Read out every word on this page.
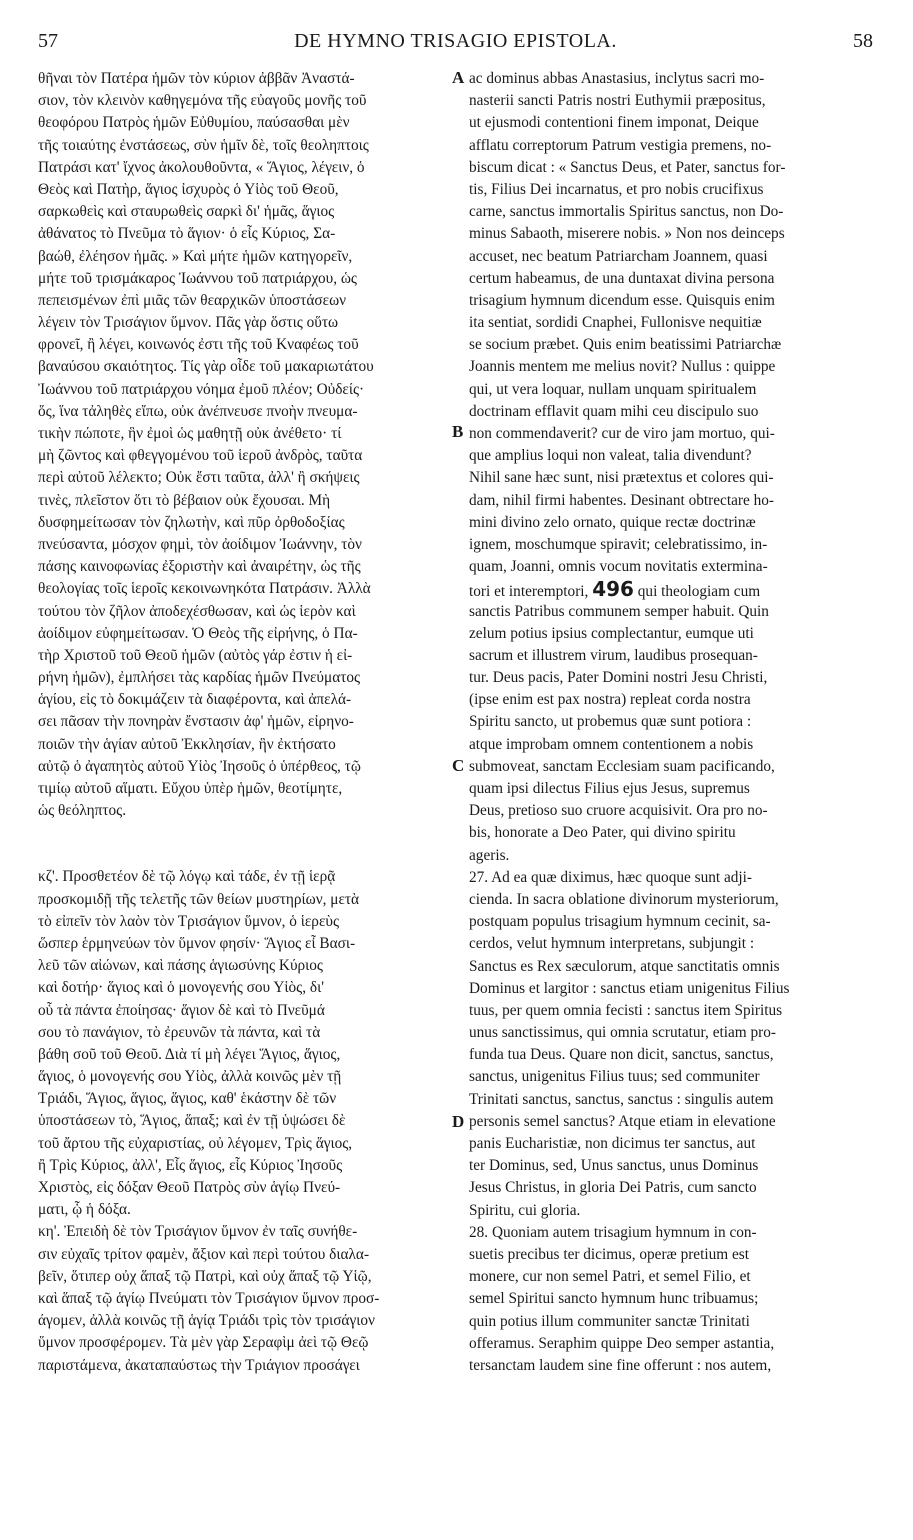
57	DE HYMNO TRISAGIO EPISTOLA.	58
θῆναι τὸν Πατέρα ἡμῶν τὸν κύριον ἀββᾶν Ἀναστά-
σιον, τὸν κλεινὸν καθηγεμόνα τῆς εὐαγοῦς μονῆς τοῦ
θεοφόρου Πατρὸς ἡμῶν Εὐθυμίου, παύσασθαι μὲν
τῆς τοιαύτης ἐνστάσεως, σὺν ἡμῖν δὲ, τοῖς θεοληπτοις
Πατράσι κατ' ἴχνος ἀκολουθοῦντα, « Ἅγιος, λέγειν, ὁ
Θεὸς καὶ Πατὴρ, ἅγιος ἰσχυρὸς ὁ Υἱὸς τοῦ Θεοῦ,
σαρκωθεὶς καὶ σταυρωθεὶς σαρκὶ δι' ἡμᾶς, ἅγιος
ἀθάνατος τὸ Πνεῦμα τὸ ἅγιον· ὁ εἷς Κύριος, Σα-
βαώθ, ἐλέησον ἡμᾶς. » Καὶ μήτε ἡμῶν κατηγορεῖν,
μήτε τοῦ τρισμάκαρος Ἰωάννου τοῦ πατριάρχου, ὡς
πεπεισμένων ἐπὶ μιᾶς τῶν θεαρχικῶν ὑποστάσεων
λέγειν τὸν Τρισάγιον ὕμνον. Πᾶς γὰρ ὅστις οὕτω
φρονεῖ, ἢ λέγει, κοινωνός ἐστι τῆς τοῦ Κναφέως τοῦ
βαναύσου σκαιότητος. Τίς γὰρ οἶδε τοῦ μακαριωτάτου
Ἰωάννου τοῦ πατριάρχου νόημα ἐμοῦ πλέον; Οὐδείς·
ὅς, ἵνα τἀληθὲς εἴπω, οὐκ ἀνέπνευσε πνοὴν πνευμα-
τικὴν πώποτε, ἣν ἐμοὶ ὡς μαθητῇ οὐκ ἀνέθετο· τί
μὴ ζῶντος καὶ φθεγγομένου τοῦ ἱεροῦ ἀνδρὸς, ταῦτα
περὶ αὐτοῦ λέλεκτο; Οὐκ ἔστι ταῦτα, ἀλλ' ἢ σκήψεις
τινὲς, πλεῖστον ὅτι τὸ βέβαιον οὐκ ἔχουσαι. Μὴ
δυσφημείτωσαν τὸν ζηλωτὴν, καὶ πῦρ ὀρθοδοξίας
πνεύσαντα, μόσχον φημὶ, τὸν ἀοίδιμον Ἰωάννην, τὸν
πάσης καινοφωνίας ἐξοριστὴν καὶ ἀναιρέτην, ὡς τῆς
θεολογίας τοῖς ἱεροῖς κεκοινωνηκότα Πατράσιν. Ἀλλὰ
τούτου τὸν ζῆλον ἀποδεχέσθωσαν, καὶ ὡς ἱερὸν καὶ
ἀοίδιμον εὐφημείτωσαν. Ὁ Θεὸς τῆς εἰρήνης, ὁ Πα-
τὴρ Χριστοῦ τοῦ Θεοῦ ἡμῶν (αὐτὸς γάρ ἐστιν ἡ εἰ-
ρήνη ἡμῶν), ἐμπλήσει τὰς καρδίας ἡμῶν Πνεύματος
ἁγίου, εἰς τὸ δοκιμάζειν τὰ διαφέροντα, καὶ ἀπελά-
σει πᾶσαν τὴν πονηρὰν ἔνστασιν ἀφ' ἡμῶν, εἰρηνο-
ποιῶν τὴν ἁγίαν αὐτοῦ Ἐκκλησίαν, ἣν ἐκτήσατο
αὐτῷ ὁ ἀγαπητὸς αὐτοῦ Υἱὸς Ἰησοῦς ὁ ὑπέρθεος, τῷ
τιμίῳ αὐτοῦ αἵματι. Εὔχου ὑπὲρ ἡμῶν, θεοτίμητε,
ὡς θεόληπτος.
κζ'. Προσθετέον δὲ τῷ λόγῳ καὶ τάδε, ἐν τῇ ἱερᾷ
προσκομιδῇ τῆς τελετῆς τῶν θείων μυστηρίων, μετὰ
τὸ εἰπεῖν τὸν λαὸν τὸν Τρισάγιον ὕμνον, ὁ ἱερεὺς
ὥσπερ ἑρμηνεύων τὸν ὕμνον φησίν· Ἅγιος εἶ Βασι-
λεῦ τῶν αἰώνων, καὶ πάσης ἁγιωσύνης Κύριος
καὶ δοτήρ· ἅγιος καὶ ὁ μονογενής σου Υἱὸς, δι'
οὗ τὰ πάντα ἐποίησας· ἅγιον δὲ καὶ τὸ Πνεῦμά
σου τὸ πανάγιον, τὸ ἐρευνῶν τὰ πάντα, καὶ τὰ
βάθη σοῦ τοῦ Θεοῦ. Διὰ τί μὴ λέγει Ἅγιος, ἅγιος,
ἅγιος, ὁ μονογενής σου Υἱὸς, ἀλλὰ κοινῶς μὲν τῇ
Τριάδι, Ἅγιος, ἅγιος, ἅγιος, καθ' ἑκάστην δὲ τῶν
ὑποστάσεων τὸ, Ἅγιος, ἅπαξ; καὶ ἐν τῇ ὑψώσει δὲ
τοῦ ἄρτου τῆς εὐχαριστίας, οὐ λέγομεν, Τρὶς ἅγιος,
ἢ Τρὶς Κύριος, ἀλλ', Εἷς ἅγιος, εἷς Κύριος Ἰησοῦς
Χριστὸς, εἰς δόξαν Θεοῦ Πατρὸς σὺν ἁγίῳ Πνεύ-
ματι, ᾧ ἡ δόξα.
κη'. Ἐπειδὴ δὲ τὸν Τρισάγιον ὕμνον ἐν ταῖς συνήθε-
σιν εὐχαῖς τρίτον φαμὲν, ἄξιον καὶ περὶ τούτου διαλα-
βεῖν, ὅτιπερ οὐχ ἅπαξ τῷ Πατρὶ, καὶ οὐχ ἅπαξ τῷ Υἱῷ,
καὶ ἅπαξ τῷ ἁγίῳ Πνεύματι τὸν Τρισάγιον ὕμνον προσ-
άγομεν, ἀλλὰ κοινῶς τῇ ἁγίᾳ Τριάδι τρὶς τὸν τρισάγιον
ὕμνον προσφέρομεν. Τὰ μὲν γὰρ Σεραφὶμ ἀεὶ τῷ Θεῷ
παριστάμενα, ἀκαταπαύστως τὴν Τριάγιον προσάγει
ac dominus abbas Anastasius, inclytus sacri mo-
nasterii sancti Patris nostri Euthymii præpositus,
ut ejusmodi contentioni finem imponat, Deique
afflatu correptorum Patrum vestigia premens, no-
biscum dicat : « Sanctus Deus, et Pater, sanctus for-
tis, Filius Dei incarnatus, et pro nobis crucifixus
carne, sanctus immortalis Spiritus sanctus, non Do-
minus Sabaoth, miserere nobis. » Non nos deinceps
accuset, nec beatum Patriarcham Joannem, quasi
certum habeamus, de una duntaxat divina persona
trisagium hymnum dicendum esse. Quisquis enim
ita sentiat, sordidi Cnaphei, Fullonisve nequitiæ
se socium præbet. Quis enim beatissimi Patriarchæ
Joannis mentem me melius novit? Nullus : quippe
qui, ut vera loquar, nullam unquam spiritualem
doctrinam efflavit quam mihi ceu discipulo suo
non commendaverit? cur de viro jam mortuo, qui-
que amplius loqui non valeat, talia divendunt?
Nihil sane hæc sunt, nisi prætextus et colores qui-
dam, nihil firmi habentes. Desinant obtrectare ho-
mini divino zelo ornato, quique rectæ doctrinæ
ignem, moschumque spiravit; celebratissimo, in-
quam, Joanni, omnis vocum novitatis extermina-
tori et interemptori, 496 qui theologiam cum
sanctis Patribus communem semper habuit. Quin
zelum potius ipsius complectantur, eumque uti
sacrum et illustrem virum, laudibus prosequan-
tur. Deus pacis, Pater Domini nostri Jesu Christi,
(ipse enim est pax nostra) repleat corda nostra
Spiritu sancto, ut probemus quæ sunt potiora :
atque improbam omnem contentionem a nobis
submoveat, sanctam Ecclesiam suam pacificando,
quam ipsi dilectus Filius ejus Jesus, supremus
Deus, pretioso suo cruore acquisivit. Ora pro no-
bis, honorate a Deo Pater, qui divino spiritu
ageris.
27. Ad ea quæ diximus, hæc quoque sunt adji-
cienda. In sacra oblatione divinorum mysteriorum,
postquam populus trisagium hymnum cecinit, sa-
cerdos, velut hymnum interpretans, subjungit :
Sanctus es Rex sæculorum, atque sanctitatis omnis
Dominus et largitor : sanctus etiam unigenitus Filius
tuus, per quem omnia fecisti : sanctus item Spiritus
unus sanctissimus, qui omnia scrutatur, etiam pro-
funda tua Deus. Quare non dicit, sanctus, sanctus,
sanctus, unigenitus Filius tuus; sed communiter
Trinitati sanctus, sanctus, sanctus : singulis autem
personis semel sanctus? Atque etiam in elevatione
panis Eucharistiæ, non dicimus ter sanctus, aut
ter Dominus, sed, Unus sanctus, unus Dominus
Jesus Christus, in gloria Dei Patris, cum sancto
Spiritu, cui gloria.
28. Quoniam autem trisagium hymnum in con-
suetis precibus ter dicimus, operæ pretium est
monere, cur non semel Patri, et semel Filio, et
semel Spiritui sancto hymnum hunc tribuamus;
quin potius illum communiter sanctæ Trinitati
offeramus. Seraphim quippe Deo semper astantia,
tersanctam laudem sine fine offerunt : nos autem,
A
B
C
D
